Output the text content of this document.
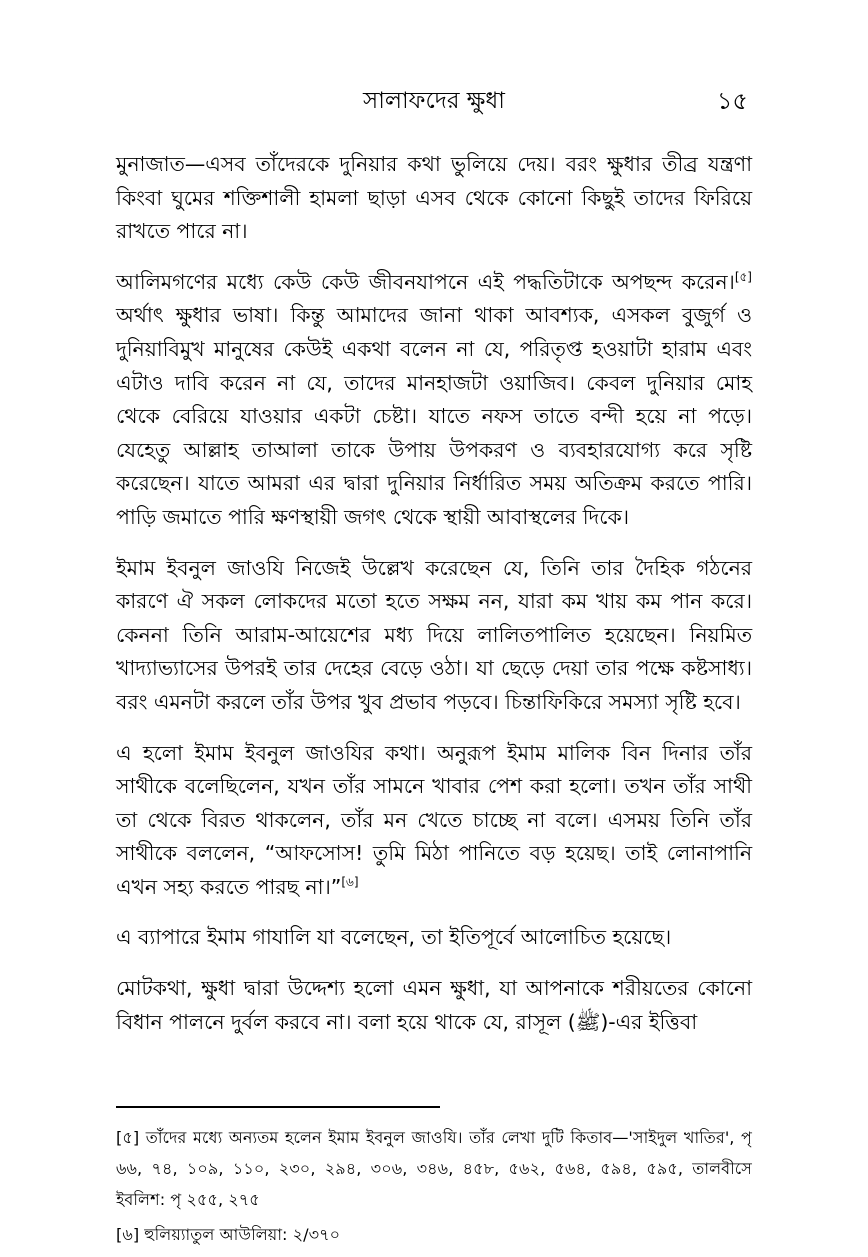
সালাফদের ক্ষুধা	১৫

মুনাজাত—এসব তাঁদেরকে দুনিয়ার কথা ভুলিয়ে দেয়। বরং ক্ষুধার তীব্র যন্ত্রণা কিংবা ঘুমের শক্তিশালী হামলা ছাড়া এসব থেকে কোনো কিছুই তাদের ফিরিয়ে রাখতে পারে না।

আলিমগণের মধ্যে কেউ কেউ জীবনযাপনে এই পদ্ধতিটাকে অপছন্দ করেন।[৫] অর্থাৎ ক্ষুধার ভাষা। কিন্তু আমাদের জানা থাকা আবশ্যক, এসকল বুজুর্গ ও দুনিয়াবিমুখ মানুষের কেউই একথা বলেন না যে, পরিতৃপ্ত হওয়াটা হারাম এবং এটাও দাবি করেন না যে, তাদের মানহাজটা ওয়াজিব। কেবল দুনিয়ার মোহ থেকে বেরিয়ে যাওয়ার একটা চেষ্টা। যাতে নফস তাতে বন্দী হয়ে না পড়ে। যেহেতু আল্লাহ তাআলা তাকে উপায় উপকরণ ও ব্যবহারযোগ্য করে সৃষ্টি করেছেন। যাতে আমরা এর দ্বারা দুনিয়ার নির্ধারিত সময় অতিক্রম করতে পারি। পাড়ি জমাতে পারি ক্ষণস্থায়ী জগৎ থেকে স্থায়ী আবাস্থলের দিকে।

ইমাম ইবনুল জাওযি নিজেই উল্লেখ করেছেন যে, তিনি তার দৈহিক গঠনের কারণে ঐ সকল লোকদের মতো হতে সক্ষম নন, যারা কম খায় কম পান করে। কেননা তিনি আরাম-আয়েশের মধ্য দিয়ে লালিতপালিত হয়েছেন। নিয়মিত খাদ্যাভ্যাসের উপরই তার দেহের বেড়ে ওঠা। যা ছেড়ে দেয়া তার পক্ষে কষ্টসাধ্য। বরং এমনটা করলে তাঁর উপর খুব প্রভাব পড়বে। চিন্তাফিকিরে সমস্যা সৃষ্টি হবে।

এ হলো ইমাম ইবনুল জাওযির কথা। অনুরূপ ইমাম মালিক বিন দিনার তাঁর সাথীকে বলেছিলেন, যখন তাঁর সামনে খাবার পেশ করা হলো। তখন তাঁর সাথী তা থেকে বিরত থাকলেন, তাঁর মন খেতে চাচ্ছে না বলে। এসময় তিনি তাঁর সাথীকে বললেন, “আফসোস! তুমি মিঠা পানিতে বড় হয়েছ। তাই লোনাপানি এখন সহ্য করতে পারছ না।”[৬]

এ ব্যাপারে ইমাম গাযালি যা বলেছেন, তা ইতিপূর্বে আলোচিত হয়েছে।

মোটকথা, ক্ষুধা দ্বারা উদ্দেশ্য হলো এমন ক্ষুধা, যা আপনাকে শরীয়তের কোনো বিধান পালনে দুর্বল করবে না। বলা হয়ে থাকে যে, রাসূল (ﷺ)-এর ইত্তিবা

[৫] তাঁদের মধ্যে অন্যতম হলেন ইমাম ইবনুল জাওযি। তাঁর লেখা দুটি কিতাব—'সাইদুল খাতির', পৃ ৬৬, ৭৪, ১০৯, ১১০, ২৩০, ২৯৪, ৩০৬, ৩৪৬, ৪৫৮, ৫৬২, ৫৬৪, ৫৯৪, ৫৯৫, তালবীসে ইবলিশ: পৃ ২৫৫, ২৭৫

[৬] হুলিয়্যাতুল আউলিয়া: ২/৩৭০
